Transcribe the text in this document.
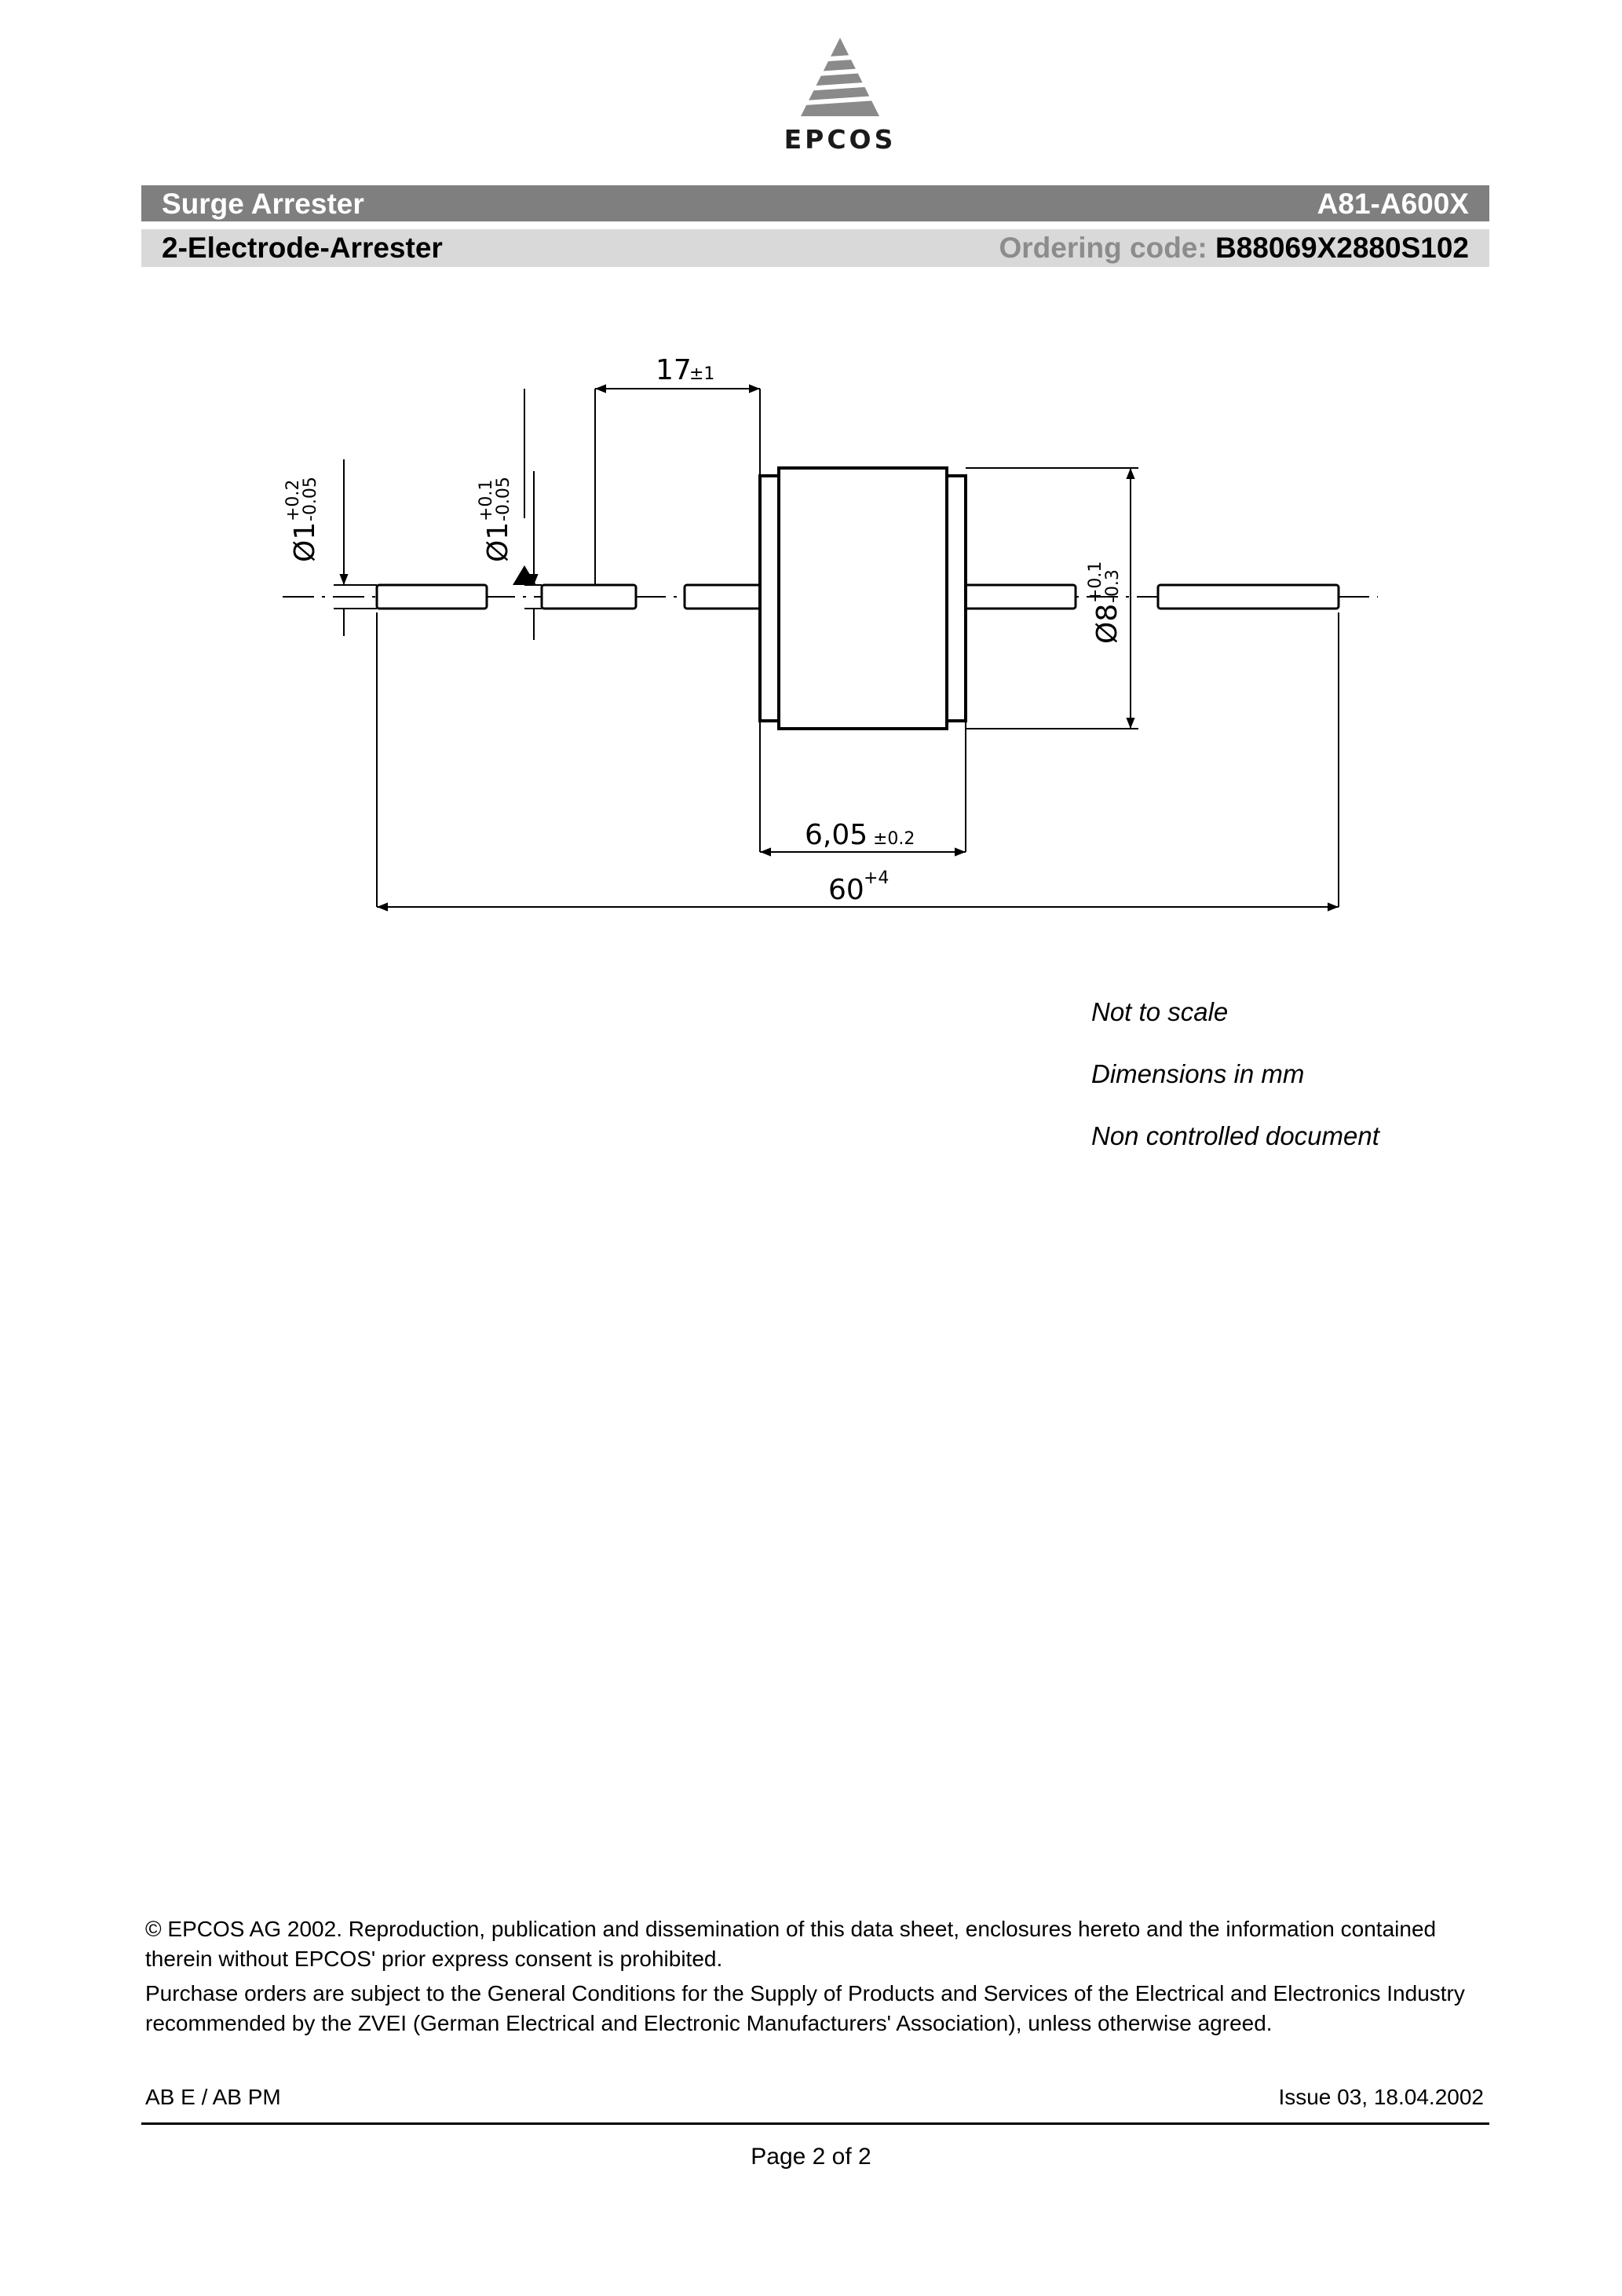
EPCOS
Surge Arrester	A81-A600X
2-Electrode-Arrester	Ordering code: B88069X2880S102
17
±1
6,05 ±0.2
60 +4
Ø8
+0.1
-0.3
Ø1
+0.2
-0.05
Ø1
+0.1
-0.05
Not to scale
Dimensions in mm
Non controlled document

© EPCOS AG 2002. Reproduction, publication and dissemination of this data sheet, enclosures hereto and the information contained therein without EPCOS' prior express consent is prohibited.

Purchase orders are subject to the General Conditions for the Supply of Products and Services of the Electrical and Electronics Industry recommended by the ZVEI (German Electrical and Electronic Manufacturers' Association), unless otherwise agreed.

AB E / AB PM	Issue 03, 18.04.2002
Page 2 of 2
